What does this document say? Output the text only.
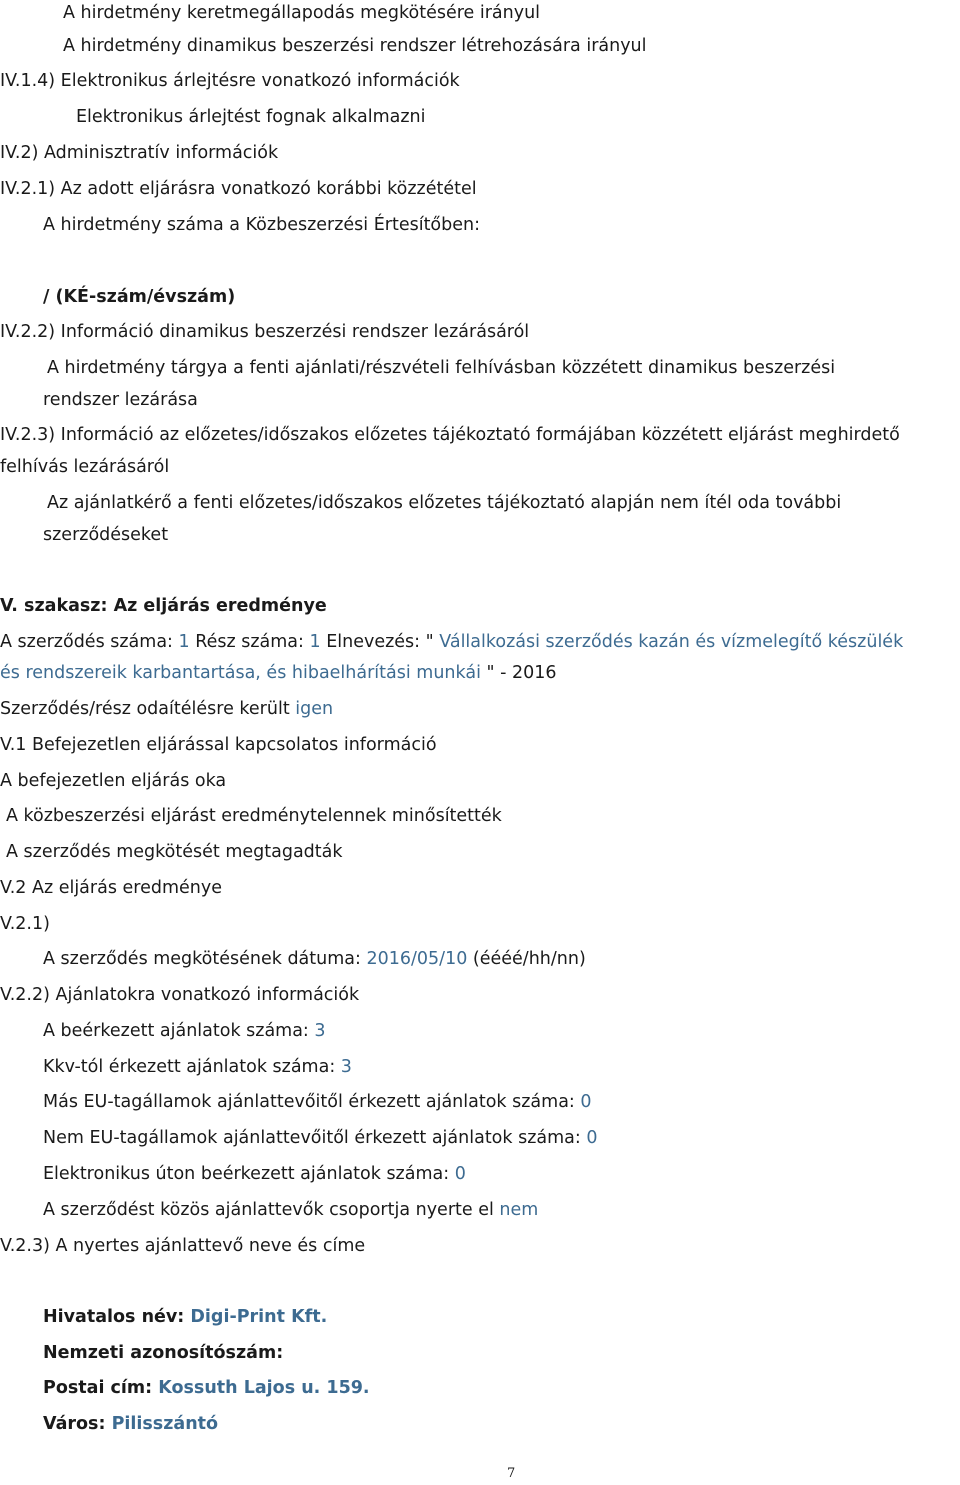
A hirdetmény keretmegállapodás megkötésére irányul
A hirdetmény dinamikus beszerzési rendszer létrehozására irányul
IV.1.4) Elektronikus árlejtésre vonatkozó információk
Elektronikus árlejtést fognak alkalmazni
IV.2) Adminisztratív információk
IV.2.1) Az adott eljárásra vonatkozó korábbi közzététel
A hirdetmény száma a Közbeszerzési Értesítőben:
/ (KÉ-szám/évszám)
IV.2.2) Információ dinamikus beszerzési rendszer lezárásáról
A hirdetmény tárgya a fenti ajánlati/részvételi felhívásban közzétett dinamikus beszerzési
rendszer lezárása
IV.2.3) Információ az előzetes/időszakos előzetes tájékoztató formájában közzétett eljárást meghirdető
felhívás lezárásáról
Az ajánlatkérő a fenti előzetes/időszakos előzetes tájékoztató alapján nem ítél oda további
szerződéseket
V. szakasz: Az eljárás eredménye
A szerződés száma: 1 Rész száma: 1 Elnevezés: " Vállalkozási szerződés kazán és vízmelegítő készülék
és rendszereik karbantartása, és hibaelhárítási munkái " - 2016
Szerződés/rész odaítélésre került igen
V.1 Befejezetlen eljárással kapcsolatos információ
A befejezetlen eljárás oka
A közbeszerzési eljárást eredménytelennek minősítették
A szerződés megkötését megtagadták
V.2 Az eljárás eredménye
V.2.1)
A szerződés megkötésének dátuma: 2016/05/10 (éééé/hh/nn)
V.2.2) Ajánlatokra vonatkozó információk
A beérkezett ajánlatok száma: 3
Kkv-tól érkezett ajánlatok száma: 3
Más EU-tagállamok ajánlattevőitől érkezett ajánlatok száma: 0
Nem EU-tagállamok ajánlattevőitől érkezett ajánlatok száma: 0
Elektronikus úton beérkezett ajánlatok száma: 0
A szerződést közös ajánlattevők csoportja nyerte el nem
V.2.3) A nyertes ajánlattevő neve és címe
Hivatalos név: Digi-Print Kft.
Nemzeti azonosítószám:
Postai cím: Kossuth Lajos u. 159.
Város: Pilisszántó
7
